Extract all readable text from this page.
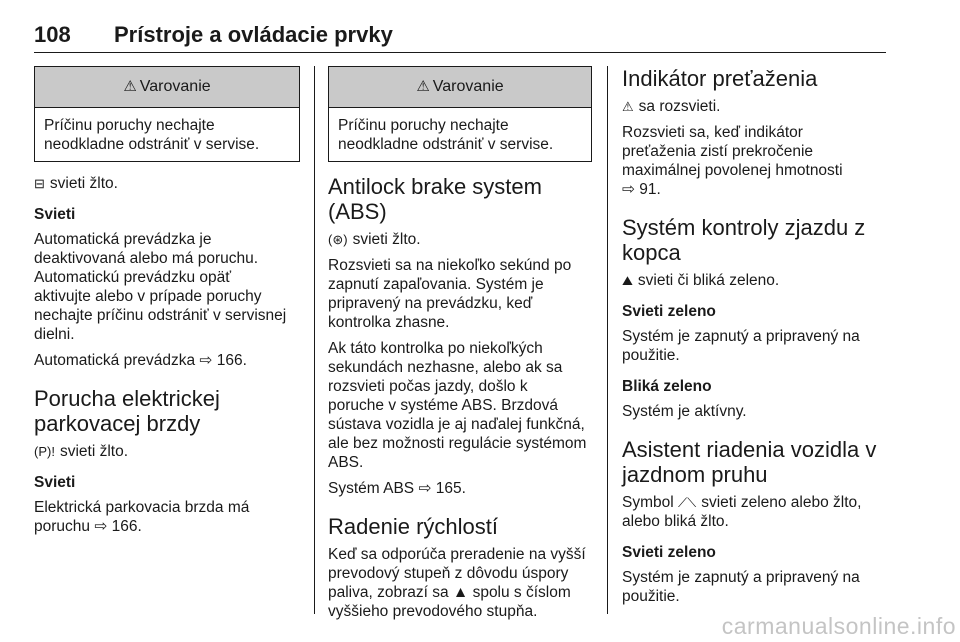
108 Prístroje a ovládacie prvky
⚠ Varovanie
Príčinu poruchy nechajte
neodkladne odstrániť v servise.

⊟ svieti žlto.

Svieti

Automatická prevádzka je
deaktivovaná alebo má poruchu.
Automatickú prevádzku opäť
aktivujte alebo v prípade poruchy
nechajte príčinu odstrániť v servisnej
dielni.

Automatická prevádzka ⇨ 166.

Porucha elektrickej
parkovacej brzdy

(P)! svieti žlto.

Svieti

Elektrická parkovacia brzda má
poruchu ⇨ 166.

⚠ Varovanie
Príčinu poruchy nechajte
neodkladne odstrániť v servise.
Antilock brake system
(ABS)

(⊛) svieti žlto.

Rozsvieti sa na niekoľko sekúnd po
zapnutí zapaľovania. Systém je
pripravený na prevádzku, keď
kontrolka zhasne.

Ak táto kontrolka po niekoľkých
sekundách nezhasne, alebo ak sa
rozsvieti počas jazdy, došlo k
poruche v systéme ABS. Brzdová
sústava vozidla je aj naďalej funkčná,
ale bez možnosti regulácie systémom
ABS.

Systém ABS ⇨ 165.

Radenie rýchlostí

Keď sa odporúča preradenie na vyšší
prevodový stupeň z dôvodu úspory
paliva, zobrazí sa ▲ spolu s číslom
vyššieho prevodového stupňa.

Indikátor preťaženia

⚠ sa rozsvieti.

Rozsvieti sa, keď indikátor
preťaženia zistí prekročenie
maximálnej povolenej hmotnosti
⇨ 91.

Systém kontroly zjazdu z
kopca

⛰ svieti či bliká zeleno.

Svieti zeleno

Systém je zapnutý a pripravený na
použitie.

Bliká zeleno

Systém je aktívny.

Asistent riadenia vozidla v
jazdnom pruhu

Symbol ⟋⟍ svieti zeleno alebo žlto,
alebo bliká žlto.

Svieti zeleno

Systém je zapnutý a pripravený na
použitie.

carmanualsonline.info
